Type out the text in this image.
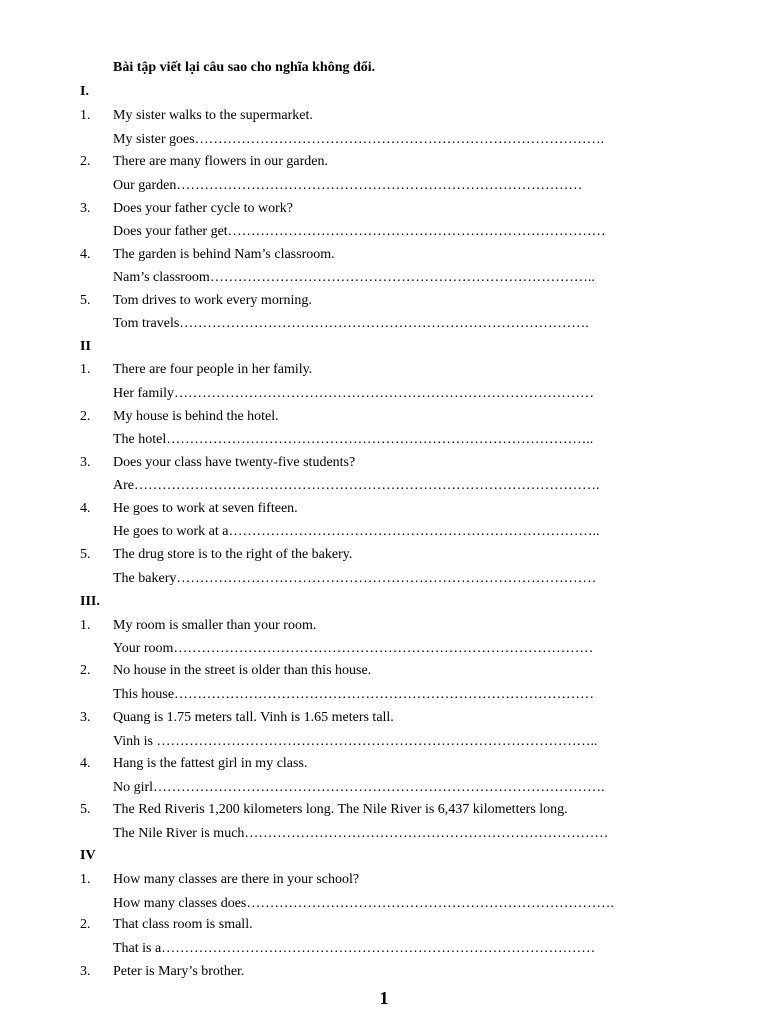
Bài tập viết lại câu sao cho nghĩa không đổi.
1
I.
1. My sister walks to the supermarket.
My sister goes…………………………………………………………………………….
2. There are many flowers in our garden.
Our garden……………………………………………………………………………
3. Does your father cycle to work?
Does your father get………………………………………………………………………
4. The garden is behind Nam’s classroom.
Nam’s classroom………………………………………………………………………..
5. Tom drives to work every morning.
Tom travels…………………………………………………………………………….
II
1. There are four people in her family.
Her family………………………………………………………………………………
2. My house is behind the hotel.
The hotel………………………………………………………………………………..
3. Does your class have twenty-five students?
Are……………………………………………………………………………………….
4. He goes to work at seven fifteen.
He goes to work at a……………………………………………………………………..
5. The drug store is to the right of the bakery.
The bakery………………………………………………………………………………
III.
1. My room is smaller than your room.
Your room………………………………………………………………………………
2. No house in the street is older than this house.
This house………………………………………………………………………………
3. Quang is 1.75 meters tall. Vinh is 1.65 meters tall.
Vinh is …………………………………………………………………………………..
4. Hang is the fattest girl in my class.
No girl…………………………………………………………………………………….
5. The Red Riveris 1,200 kilometers long. The Nile River is 6,437 kilometters long.
The Nile River is much……………………………………………………………………
IV
1. How many classes are there in your school?
How many classes does…………………………………………………………………….
2. That class room is small.
That is a…………………………………………………………………………………
3. Peter is Mary’s brother.
